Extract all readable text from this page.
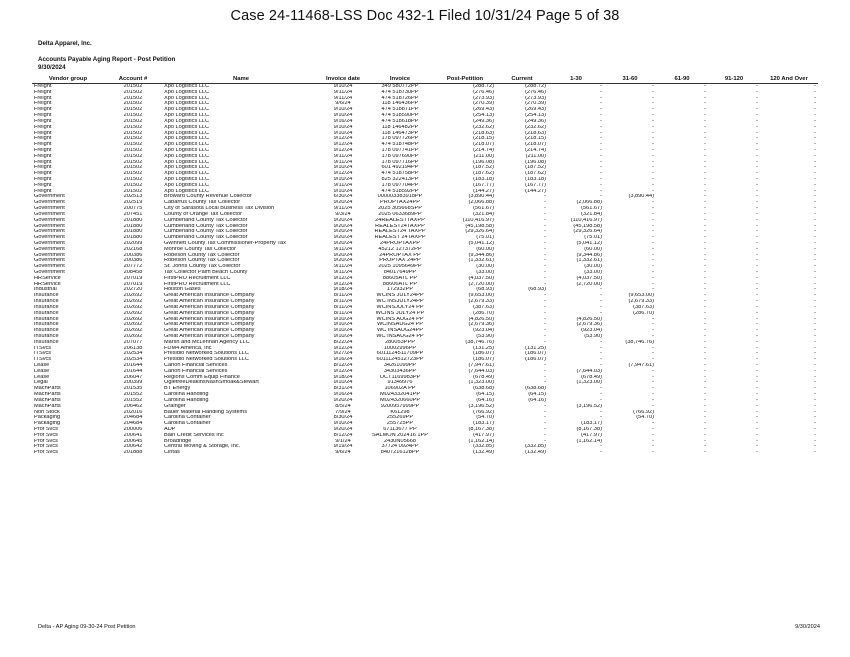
Case 24-11468-LSS Doc 432-1 Filed 10/31/24 Page 5 of 38
Delta Apparel, Inc.
Accounts Payable Aging Report - Post Petition
9/30/2024
Vendor group	Account #	Name	Invoice date	Invoice	Post-Petition	Current	1-30	31-60	61-90	91-120	120 And Over
Freight	201502	Xpo Logistics LLC	9/10/24	349 580772PP	(288.72)	(288.72)	-	-	-	-	-
Freight	201502	Xpo Logistics LLC	9/11/24	474 518730PP	(276.46)	(276.46)	-	-	-	-	-
Freight	201502	Xpo Logistics LLC	9/11/24	474 518726PP	(273.93)	(273.93)	-	-	-	-	-
Freight	201502	Xpo Logistics LLC	9/6/24	118 146436PP	(270.39)	(270.39)	-	-	-	-	-
Freight	201502	Xpo Logistics LLC	9/10/24	474 518871PP	(269.43)	(269.43)	-	-	-	-	-
Freight	201502	Xpo Logistics LLC	9/10/24	474 518590PP	(254.13)	(254.13)	-	-	-	-	-
Freight	201502	Xpo Logistics LLC	9/16/24	474 518618PP	(249.36)	(249.36)	-	-	-	-	-
Freight	201502	Xpo Logistics LLC	9/10/24	118 146482PP	(232.62)	(232.62)	-	-	-	-	-
Freight	201502	Xpo Logistics LLC	9/10/24	118 146473PP	(218.63)	(218.63)	-	-	-	-	-
Freight	201502	Xpo Logistics LLC	9/12/24	178 097726PP	(218.15)	(218.15)	-	-	-	-	-
Freight	201502	Xpo Logistics LLC	9/12/24	474 518748PP	(218.07)	(218.07)	-	-	-	-	-
Freight	201502	Xpo Logistics LLC	9/12/24	178 097741PP	(214.74)	(214.74)	-	-	-	-	-
Freight	201502	Xpo Logistics LLC	9/11/24	178 097690PP	(211.00)	(211.00)	-	-	-	-	-
Freight	201502	Xpo Logistics LLC	9/11/24	178 097716PP	(196.08)	(196.08)	-	-	-	-	-
Freight	201502	Xpo Logistics LLC	9/10/24	601 492194PP	(187.52)	(187.52)	-	-	-	-	-
Freight	201502	Xpo Logistics LLC	9/12/24	474 518758PP	(187.62)	(187.62)	-	-	-	-	-
Freight	201502	Xpo Logistics LLC	9/10/24	825 322413PP	(183.18)	(183.18)	-	-	-	-	-
Freight	201502	Xpo Logistics LLC	9/11/24	178 097704PP	(167.77)	(167.77)	-	-	-	-	-
Freight	201502	Xpo Logistics LLC	9/10/24	474 518592PP	(144.27)	(144.27)	-	-	-	-	-
Government	202513	Broward County Revenue Collector	6/30/24	000003383918PP	(3,890.44)	-	-	(3,890.44)	-	-	-
Government	202519	Cabarrus County Tax Collector	9/20/24	PROPTAX24PP	(2,066.88)	-	(2,066.88)	-	-	-	-
Government	200775	City of Sarasota Local Business Tax Division	9/11/24	2025 305668SPP	(561.67)	-	(561.67)	-	-	-	-
Government	207451	County of Orange Tax Collector	9/3/24	2025 0633689PP	(321.84)	-	(321.84)	-	-	-	-
Government	201880	Cumberland County Tax Collector	9/20/24	24REALESTTAXPP	(110,416.97)	-	(110,416.97)	-	-	-	-
Government	201880	Cumberland County Tax Collector	9/20/24	REALEST24TAXPP	(45,198.58)	-	(45,198.58)	-	-	-	-
Government	201880	Cumberland County Tax Collector	9/20/24	REALEST24 TAXPP	(29,326.64)	-	(29,326.64)	-	-	-	-
Government	201880	Cumberland County Tax Collector	9/20/24	REALEST 24TAXPP	(75.01)	-	(75.01)	-	-	-	-
Government	202099	Gwinnett County Tax Commissioner-Property Tax	9/20/24	24PROPTAXPP	(5,041.12)	-	(5,041.12)	-	-	-	-
Government	202168	Monroe County Tax Collector	9/11/24	45212 127372PP	(60.00)	-	(60.00)	-	-	-	-
Government	200386	Robeson County Tax Collector	9/20/24	24PROPTAX PP	(9,344.86)	-	(9,344.86)	-	-	-	-
Government	200386	Robeson County Tax Collector	9/20/24	PROPTAX 24PP	(1,332.61)	-	(1,332.61)	-	-	-	-
Government	207772	St. Johns County Tax Collector	9/11/24	2025 1095649PP	(30.00)	-	(30.00)	-	-	-	-
Government	208458	Tax Collector Palm Beach County	9/11/24	84017649PP	(33.00)	-	(33.00)	-	-	-	-
HRService	207019	FirstPRO Recruitment LLC	9/12/24	88605ATL PP	(4,037.50)	-	(4,037.50)	-	-	-	-
HRService	207019	FirstPRO Recruitment LLC	9/12/24	88606ATL PP	(2,720.00)	-	(2,720.00)	-	-	-	-
Industrial	202720	Holston Gases	9/18/24	172932PP	(68.93)	(68.93)	-	-	-	-	-
Insurance	202692	Great American Insurance Company	8/11/24	WCINS JULY24PP	(9,653.00)	-	-	(9,653.00)	-	-	-
Insurance	202692	Great American Insurance Company	8/11/24	WC INSJULY24PP	(2,679.33)	-	-	(2,679.33)	-	-	-
Insurance	202692	Great American Insurance Company	8/11/24	WCINSJULY24 PP	(387.63)	-	-	(387.63)	-	-	-
Insurance	202692	Great American Insurance Company	8/11/24	WCINS JULY24 PP	(286.70)	-	-	(286.70)	-	-	-
Insurance	202692	Great American Insurance Company	9/10/24	WCINS AUG24 PP	(4,826.50)	-	(4,826.50)	-	-	-	-
Insurance	202692	Great American Insurance Company	9/10/24	WCINSAUG24 PP	(2,679.36)	-	(2,679.36)	-	-	-	-
Insurance	202692	Great American Insurance Company	9/10/24	WC INSAUG24PP	(923.04)	-	(923.04)	-	-	-	-
Insurance	202692	Great American Insurance Company	9/10/24	WC INSAUG24 PP	(53.90)	-	(53.90)	-	-	-	-
Insurance	207077	Marsh and McLennan Agency LLC	8/22/24	280053PPP	(38,746.76)	-	-	(38,746.76)	-	-	-
ITSvcs	206138	FDM4 America, Inc	9/12/24	10002996PP	(131.25)	(131.25)	-	-	-	-	-
ITSvcs	202534	Presidio Networked Solutions LLC	9/27/24	6011124511709PP	(186.07)	(186.07)	-	-	-	-	-
ITSvcs	202534	Presidio Networked Solutions LLC	9/16/24	6011124512723PP	(186.07)	(186.07)	-	-	-	-	-
Lease	201644	Canon Financial Services	8/12/24	34261099PP	(7,947.61)	-	-	(7,947.61)	-	-	-
Lease	201644	Canon Financial Services	9/12/24	34303436PP	(7,644.03)	-	(7,644.03)	-	-	-	-
Lease	206047	Regions Comm Equip Finance	9/18/24	OCT1169983PP	(678.49)	-	(678.49)	-	-	-	-
Legal	200399	OgletreeDeakinsNashSmoak&Stewart	9/10/24	91349976	(1,323.00)	-	(1,323.00)	-	-	-	-
MachParts	201535	BT Energy	8/31/24	106902A PP	(638.68)	(638.68)	-	-	-	-	-
MachParts	201552	Carolina Handling	9/16/24	M024332041PP	(64.15)	(64.15)	-	-	-	-	-
MachParts	201552	Carolina Handling	9/20/24	M024320660PP	(64.16)	(64.16)	-	-	-	-	-
MachParts	206462	Grainger	8/5/24	9200957999PP	(3,196.52)	-	(3,196.52)	-	-	-	-
Non Stock	202016	Bauer Material Handling Systems	7/9/24	K61298	(766.92)	-	-	(766.92)	-	-	-
Packaging	204684	Carolina Container	8/30/24	255269PP	(54.70)	-	-	(54.70)	-	-	-
Packaging	204684	Carolina Container	9/10/24	255725PP	(183.17)	-	(183.17)	-	-	-	-
Prof Svcs	200006	ADP	9/20/24	67113677 PP	(8,167.38)	-	(8,167.38)	-	-	-	-
Prof Svcs	200641	Bain Credit Services Inc	8/12/24	SALMON 202416 1PP	(417.97)	-	(417.97)	-	-	-	-
Prof Svcs	200645	Broadridge	9/1/24	2430N05668	(1,162.14)	-	(1,162.14)	-	-	-	-
Prof Svcs	200642	Central Moving & Storage, Inc.	9/19/24	37724 0924PP	(332.85)	(332.85)	-	-	-	-	-
Prof Svcs	201888	Cintas	9/6/24	8407216128PP	(132.49)	(132.49)	-	-	-	-	-
Delta - AP Aging 09-30-24 Post Petition	9/30/2024
